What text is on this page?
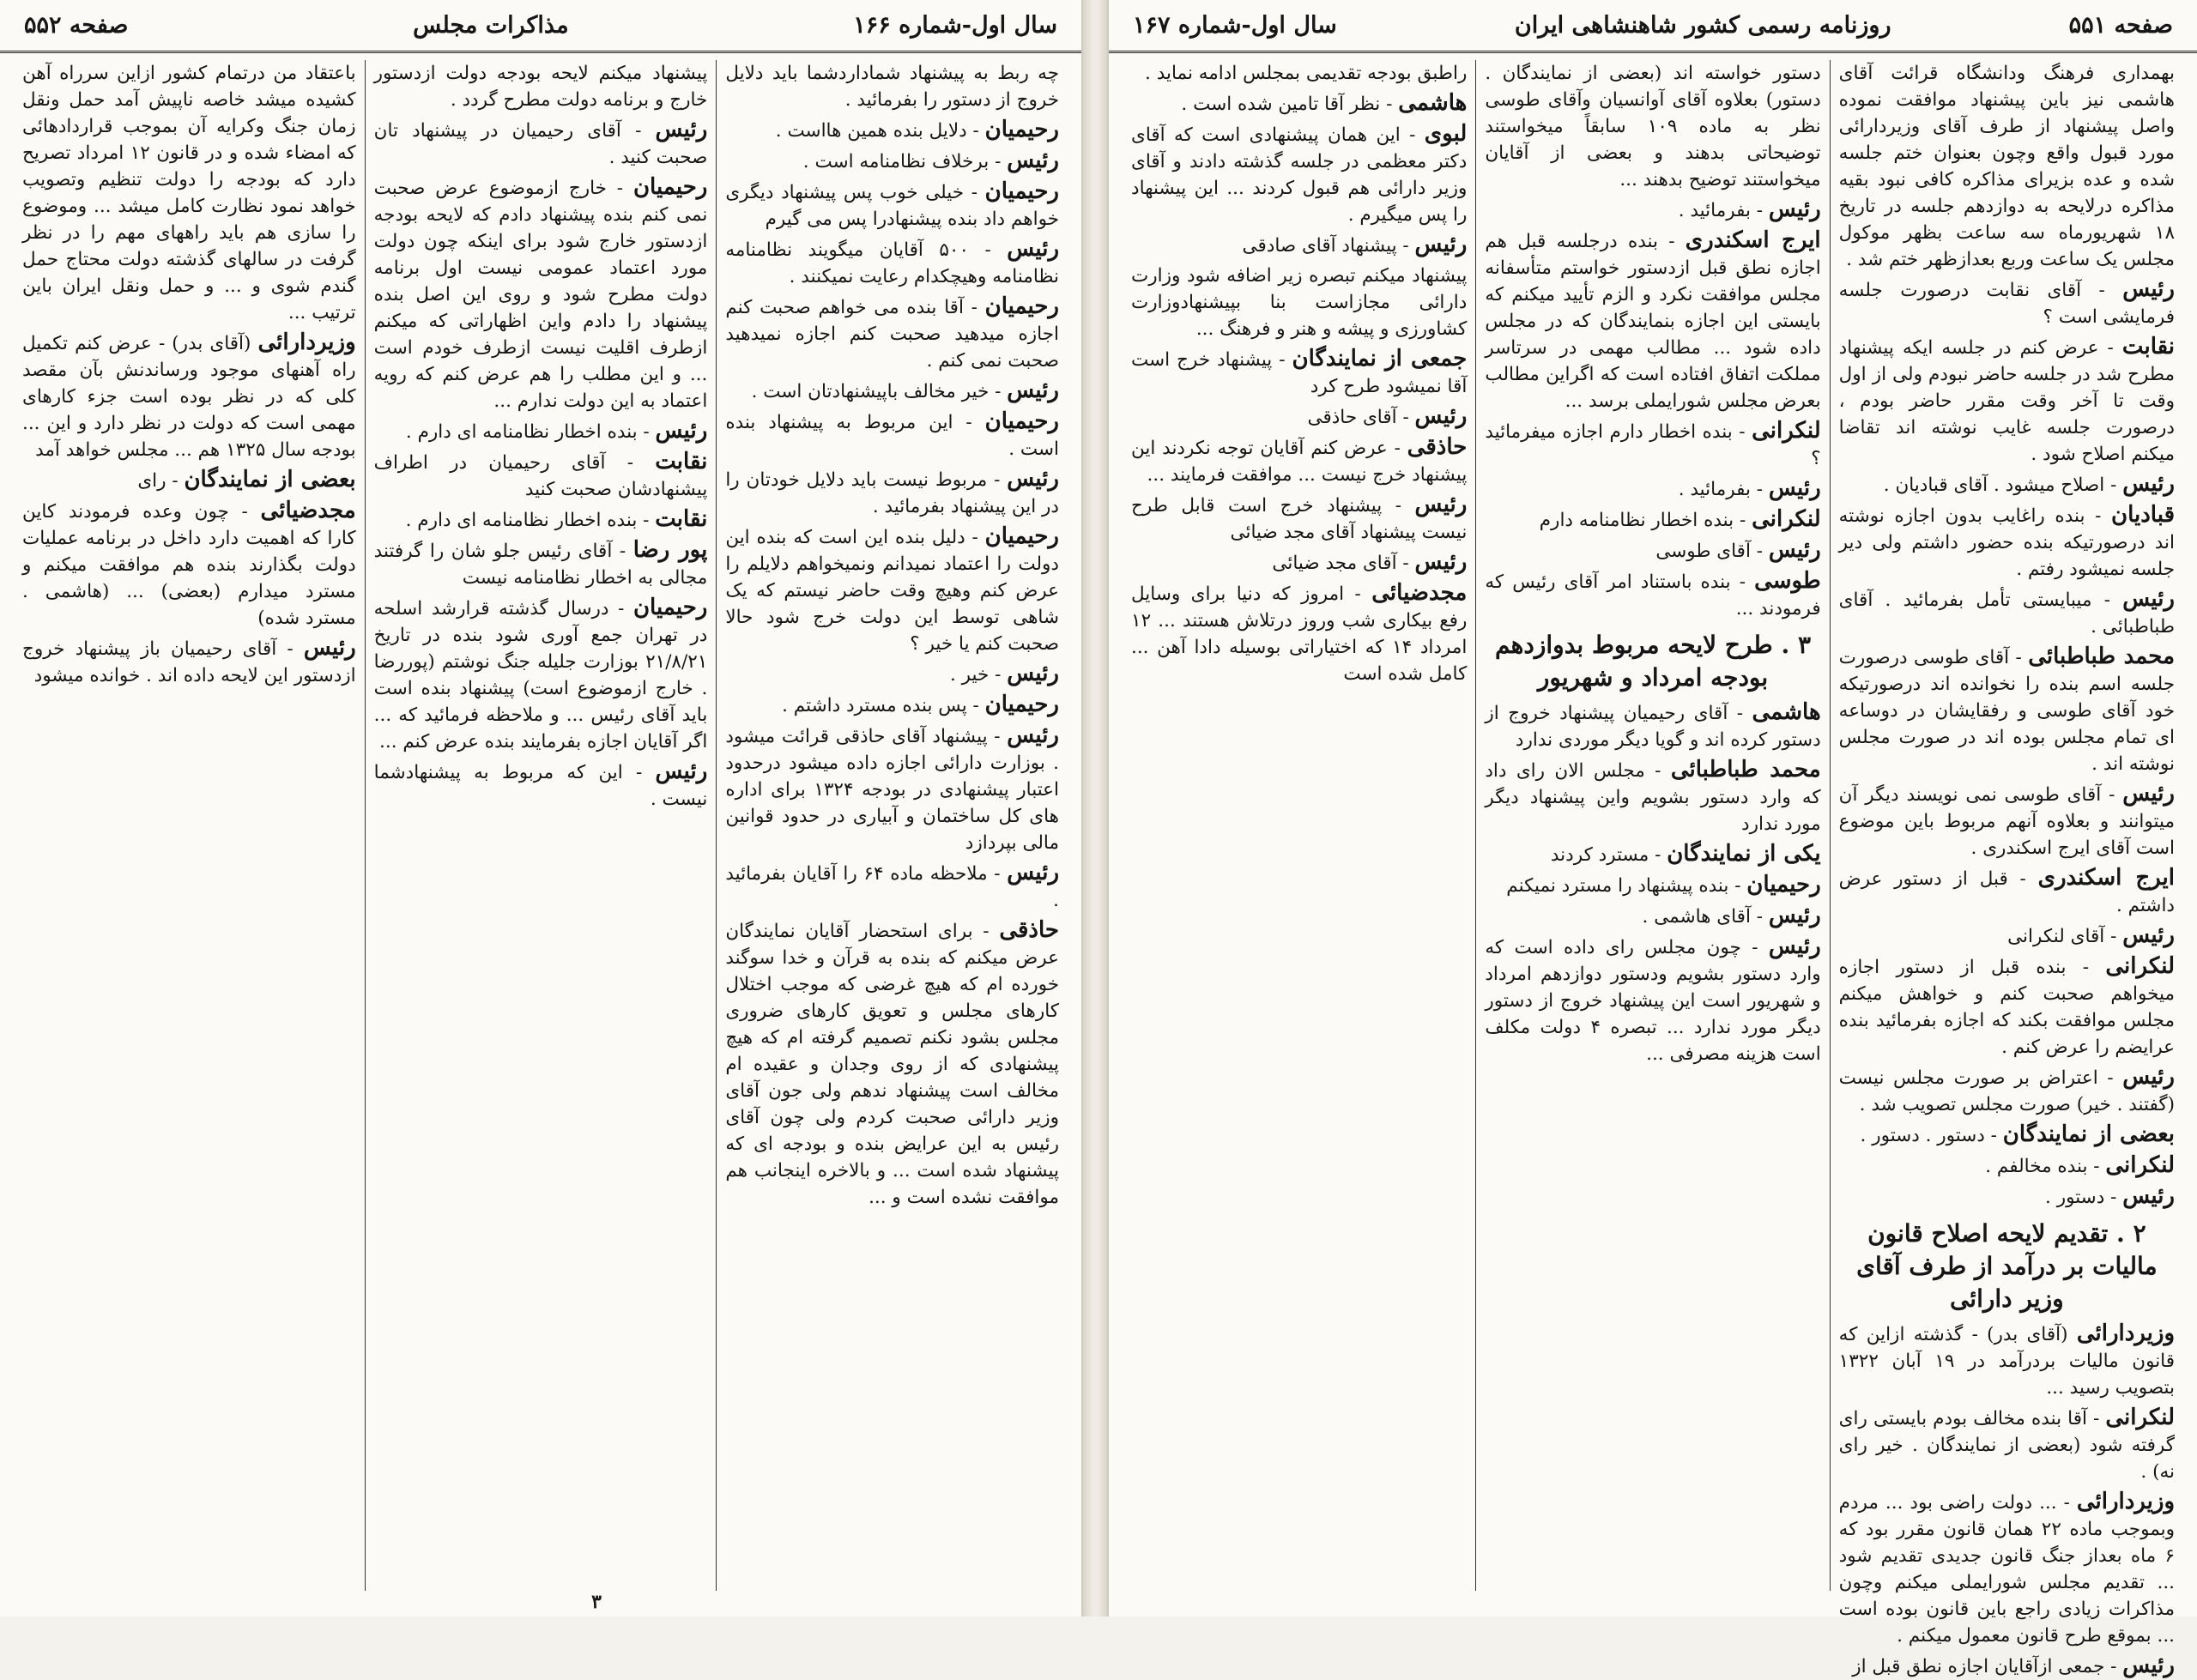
سال اول-شماره ۱۶۶
مذاکرات مجلس
صفحه ۵۵۲

چه ربط به پیشنهاد شماداردشما باید دلایل خروج از دستور را بفرمائید .

رحیمیان - دلایل بنده همین هااست .

رئیس - برخلاف نظامنامه است .

رحیمیان - خیلی خوب پس پیشنهاد دیگری خواهم داد بنده پیشنهادرا پس می گیرم

رئیس - ۵۰۰ آقایان میگویند نظامنامه نظامنامه وهیچکدام رعایت نمیکنند .

رحیمیان - آقا بنده می خواهم صحبت کنم اجازه میدهید صحبت کنم اجازه نمیدهید صحبت نمی کنم .

رئیس - خیر مخالف باپیشنهادتان است .

رحیمیان - این مربوط به پیشنهاد بنده است .

رئیس - مربوط نیست باید دلایل خودتان را در این پیشنهاد بفرمائید .

رحیمیان - دلیل بنده این است که بنده این دولت را اعتماد نمیدانم ونمیخواهم دلایلم را عرض کنم وهیچ وقت حاضر نیستم که یک شاهی توسط این دولت خرج شود حالا صحبت کنم یا خیر ؟

رئیس - خیر .

رحیمیان - پس بنده مسترد داشتم .

رئیس - پیشنهاد آقای حاذقی قرائت میشود . بوزارت دارائی اجازه داده میشود درحدود اعتبار پیشنهادی در بودجه ۱۳۲۴ برای اداره های کل ساختمان و آبیاری در حدود قوانین مالی بپردازد

رئیس - ملاحظه ماده ۶۴ را آقایان بفرمائید .

حاذقی - برای استحضار آقایان نمایندگان عرض میکنم که بنده به قرآن و خدا سوگند خورده ام که هیچ غرضی که موجب اختلال کارهای مجلس و تعویق کارهای ضروری مجلس بشود نکنم تصمیم گرفته ام که هیچ پیشنهادی که از روی وجدان و عقیده ام مخالف است پیشنهاد ندهم ولی جون آقای وزیر دارائی صحبت کردم ولی چون آقای رئیس به این عرایض بنده و بودجه ای که پیشنهاد شده است ... و بالاخره اینجانب هم موافقت نشده است و ...

پیشنهاد میکنم لایحه بودجه دولت ازدستور خارج و برنامه دولت مطرح گردد .

رئیس - آقای رحیمیان در پیشنهاد تان صحبت کنید .

رحیمیان - خارج ازموضوع عرض صحبت نمی کنم بنده پیشنهاد دادم که لایحه بودجه ازدستور خارج شود برای اینکه چون دولت مورد اعتماد عمومی نیست اول برنامه دولت مطرح شود و روی این اصل بنده پیشنهاد را دادم واین اظهاراتی که میکنم ازطرف اقلیت نیست ازطرف خودم است ... و این مطلب را هم عرض کنم که رویه اعتماد به این دولت ندارم ...

رئیس - بنده اخطار نظامنامه ای دارم .

نقابت - آقای رحیمیان در اطراف پیشنهادشان صحبت کنید

نقابت - بنده اخطار نظامنامه ای دارم .

پور رضا - آقای رئیس جلو شان را گرفتند مجالی به اخطار نظامنامه نیست

رحیمیان - درسال گذشته قرارشد اسلحه در تهران جمع آوری شود بنده در تاریخ ۲۱/۸/۲۱ بوزارت جلیله جنگ نوشتم (پوررضا . خارج ازموضوع است) پیشنهاد بنده است باید آقای رئیس ... و ملاحظه فرمائید که ... اگر آقایان اجازه بفرمایند بنده عرض کنم ...

رئیس - این که مربوط به پیشنهادشما نیست .

باعتقاد من درتمام کشور ازاین سرراه آهن کشیده میشد خاصه ناپیش آمد حمل ونقل زمان جنگ وکرایه آن بموجب قراردادهائی که امضاء شده و در قانون ۱۲ امرداد تصریح دارد که بودجه را دولت تنظیم وتصویب خواهد نمود نظارت کامل میشد ... وموضوع را سازی هم باید راههای مهم را در نظر گرفت در سالهای گذشته دولت محتاج حمل گندم شوی و ... و حمل ونقل ایران باین ترتیب ...

وزیردارائی (آقای بدر) - عرض کنم تکمیل راه آهنهای موجود ورساندنش بآن مقصد کلی که در نظر بوده است جزء کارهای مهمی است که دولت در نظر دارد و این ... بودجه سال ۱۳۲۵ هم ... مجلس خواهد آمد

بعضی از نمایندگان - رای

مجدضیائی - چون وعده فرمودند کاین کارا که اهمیت دارد داخل در برنامه عملیات دولت بگذارند بنده هم موافقت میکنم و مسترد میدارم (بعضی) ... (هاشمی . مسترد شده)

رئیس - آقای رحیمیان باز پیشنهاد خروج ازدستور این لایحه داده اند . خوانده میشود

۳
صفحه ۵۵۱
روزنامه رسمی کشور شاهنشاهی ایران
سال اول-شماره ۱۶۷

بهمداری فرهنگ ودانشگاه قرائت آقای هاشمی نیز باین پیشنهاد موافقت نموده واصل پیشنهاد از طرف آقای وزیردارائی مورد قبول واقع وچون بعنوان ختم جلسه شده و عده بزیرای مذاکره کافی نبود بقیه مذاکره درلایحه به دوازدهم جلسه در تاریخ ۱۸ شهریورماه سه ساعت بظهر موکول مجلس یک ساعت وربع بعدازظهر ختم شد .

رئیس - آقای نقابت درصورت جلسه فرمایشی است ؟

نقابت - عرض کنم در جلسه ایکه پیشنهاد مطرح شد در جلسه حاضر نبودم ولی از اول وقت تا آخر وقت مقرر حاضر بودم ، درصورت جلسه غایب نوشته اند تقاضا میکنم اصلاح شود .

رئیس - اصلاح میشود . آقای قبادیان .

قبادیان - بنده راغایب بدون اجازه نوشته اند درصورتیکه بنده حضور داشتم ولی دیر جلسه نمیشود رفتم .

رئیس - میبایستی تأمل بفرمائید . آقای طباطبائی .

محمد طباطبائی - آقای طوسی درصورت جلسه اسم بنده را نخوانده اند درصورتیکه خود آقای طوسی و رفقایشان در دوساعه ای تمام مجلس بوده اند در صورت مجلس نوشته اند .

رئیس - آقای طوسی نمی نویسند دیگر آن میتوانند و بعلاوه آنهم مربوط باین موضوع است آقای ایرج اسکندری .

ایرج اسکندری - قبل از دستور عرض داشتم .

رئیس - آقای لنکرانی

لنکرانی - بنده قبل از دستور اجازه میخواهم صحبت کنم و خواهش میکنم مجلس موافقت بکند که اجازه بفرمائید بنده عرایضم را عرض کنم .

رئیس - اعتراض بر صورت مجلس نیست (گفتند . خیر) صورت مجلس تصویب شد .

بعضی از نمایندگان - دستور . دستور .

لنکرانی - بنده مخالفم .

رئیس - دستور .

۲ . تقدیم لایحه اصلاح قانون مالیات بر درآمد از طرف آقای وزیر دارائی

وزیردارائی (آقای بدر) - گذشته ازاین که قانون مالیات بردرآمد در ۱۹ آبان ۱۳۲۲ بتصویب رسید ...

لنکرانی - آقا بنده مخالف بودم بایستی رای گرفته شود (بعضی از نمایندگان . خیر رای نه) .

وزیردارائی - ... دولت راضی بود ... مردم وبموجب ماده ۲۲ همان قانون مقرر بود که ۶ ماه بعداز جنگ قانون جدیدی تقدیم شود ... تقدیم مجلس شورایملی میکنم وچون مذاکرات زیادی راجع باین قانون بوده است ... بموقع طرح قانون معمول میکنم .

رئیس - جمعی ازآقایان اجازه نطق قبل از

دستور خواسته اند (بعضی از نمایندگان . دستور) بعلاوه آقای آوانسیان وآقای طوسی نظر به ماده ۱۰۹ سابقاً میخواستند توضیحاتی بدهند و بعضی از آقایان میخواستند توضیح بدهند ...

رئیس - بفرمائید .

ایرج اسکندری - بنده درجلسه قبل هم اجازه نطق قبل ازدستور خواستم متأسفانه مجلس موافقت نکرد و الزم تأیید میکنم که بایستی این اجازه بنمایندگان که در مجلس داده شود ... مطالب مهمی در سرتاسر مملکت اتفاق افتاده است که اگراین مطالب بعرض مجلس شورایملی برسد ...

لنکرانی - بنده اخطار دارم اجازه میفرمائید ؟

رئیس - بفرمائید .

لنکرانی - بنده اخطار نظامنامه دارم

رئیس - آقای طوسی

طوسی - بنده باستناد امر آقای رئیس که فرمودند ...

۳ . طرح لایحه مربوط بدوازدهم بودجه امرداد و شهریور

هاشمی - آقای رحیمیان پیشنهاد خروج از دستور کرده اند و گویا دیگر موردی ندارد

محمد طباطبائی - مجلس الان رای داد که وارد دستور بشویم واین پیشنهاد دیگر مورد ندارد

یکی از نمایندگان - مسترد کردند

رحیمیان - بنده پیشنهاد را مسترد نمیکنم

رئیس - آقای هاشمی .

رئیس - چون مجلس رای داده است که وارد دستور بشویم ودستور دوازدهم امرداد و شهریور است این پیشنهاد خروج از دستور دیگر مورد ندارد ... تبصره ۴ دولت مکلف است هزینه مصرفی ...

راطبق بودجه تقدیمی بمجلس ادامه نماید .

هاشمی - نظر آقا تامین شده است .

لبوی - این همان پیشنهادی است که آقای دکتر معظمی در جلسه گذشته دادند و آقای وزیر دارائی هم قبول کردند ... این پیشنهاد را پس میگیرم .

رئیس - پیشنهاد آقای صادقی

پیشنهاد میکنم تبصره زیر اضافه شود وزارت دارائی مجازاست بنا بپیشنهادوزارت کشاورزی و پیشه و هنر و فرهنگ ...

جمعی از نمایندگان - پیشنهاد خرج است آقا نمیشود طرح کرد

رئیس - آقای حاذقی

حاذقی - عرض کنم آقایان توجه نکردند این پیشنهاد خرج نیست ... موافقت فرمایند ...

رئیس - پیشنهاد خرج است قابل طرح نیست پیشنهاد آقای مجد ضیائی

رئیس - آقای مجد ضیائی

مجدضیائی - امروز که دنیا برای وسایل رفع بیکاری شب وروز درتلاش هستند ... ۱۲ امرداد ۱۴ که اختیاراتی بوسیله دادا آهن ... کامل شده است
